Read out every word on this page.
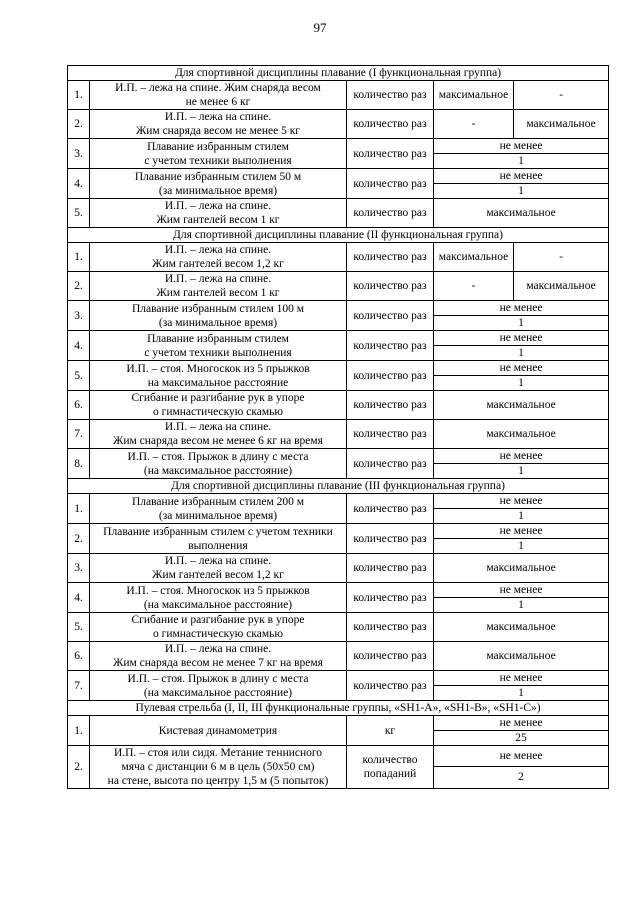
97
Для спортивной дисциплины плавание (I функциональная группа)				
1.	И.П. – лежа на спине. Жим снаряда весом
не менее 6 кг	количество раз	максимальное	-
2.	И.П. – лежа на спине.
Жим снаряда весом не менее 5 кг	количество раз	-	максимальное
3.	Плавание избранным стилем
с учетом техники выполнения	количество раз	не менее	
			1	
4.	Плавание избранным стилем 50 м
(за минимальное время)	количество раз	не менее	
			1	
5.	И.П. – лежа на спине.
Жим гантелей весом 1 кг	количество раз	максимальное	
Для спортивной дисциплины плавание (II функциональная группа)				
1.	И.П. – лежа на спине.
Жим гантелей весом 1,2 кг	количество раз	максимальное	-
2.	И.П. – лежа на спине.
Жим гантелей весом 1 кг	количество раз	-	максимальное
3.	Плавание избранным стилем 100 м
(за минимальное время)	количество раз	не менее	
			1	
4.	Плавание избранным стилем
с учетом техники выполнения	количество раз	не менее	
			1	
5.	И.П. – стоя. Многоскок из 5 прыжков
на максимальное расстояние	количество раз	не менее	
			1	
6.	Сгибание и разгибание рук в упоре
о гимнастическую скамью	количество раз	максимальное	
7.	И.П. – лежа на спине.
Жим снаряда весом не менее 6 кг на время	количество раз	максимальное	
8.	И.П. – стоя. Прыжок в длину с места
(на максимальное расстояние)	количество раз	не менее	
			1	
Для спортивной дисциплины плавание (III функциональная группа)				
1.	Плавание избранным стилем 200 м
(за минимальное время)	количество раз	не менее	
			1	
2.	Плавание избранным стилем с учетом техники
выполнения	количество раз	не менее	
			1	
3.	И.П. – лежа на спине.
Жим гантелей весом 1,2 кг	количество раз	максимальное	
4.	И.П. – стоя. Многоскок из 5 прыжков
(на максимальное расстояние)	количество раз	не менее	
			1	
5.	Сгибание и разгибание рук в упоре
о гимнастическую скамью	количество раз	максимальное	
6.	И.П. – лежа на спине.
Жим снаряда весом не менее 7 кг на время	количество раз	максимальное	
7.	И.П. – стоя. Прыжок в длину с места
(на максимальное расстояние)	количество раз	не менее	
			1	
Пулевая стрельба (I, II, III функциональные группы, «SH1-A», «SH1-B», «SH1-C»)				
1.	Кистевая динамометрия	кг	не менее	
			25	
2.	И.П. – стоя или сидя. Метание теннисного
мяча с дистанции 6 м в цель (50х50 см)
на стене, высота по центру 1,5 м (5 попыток)	количество попаданий	не менее	
			2	
